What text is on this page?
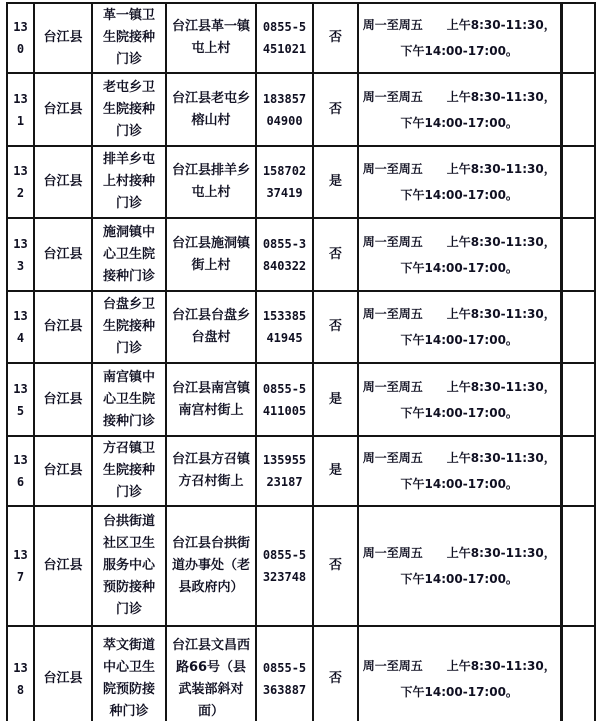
130	台江县	革一镇卫生院接种门诊	台江县革一镇屯上村	0855-5451021	否	周一至周五　　上午8:30-11:30，
下午14:00-17:00。	

131	台江县	老屯乡卫生院接种门诊	台江县老屯乡榕山村	18385704900	否	周一至周五　　上午8:30-11:30，
下午14:00-17:00。	

132	台江县	排羊乡屯上村接种门诊	台江县排羊乡屯上村	15870237419	是	周一至周五　　上午8:30-11:30，
下午14:00-17:00。	

133	台江县	施洞镇中心卫生院接种门诊	台江县施洞镇街上村	0855-3840322	否	周一至周五　　上午8:30-11:30，
下午14:00-17:00。	

134	台江县	台盘乡卫生院接种门诊	台江县台盘乡台盘村	15338541945	否	周一至周五　　上午8:30-11:30，
下午14:00-17:00。	

135	台江县	南宫镇中心卫生院接种门诊	台江县南宫镇南宫村街上	0855-5411005	是	周一至周五　　上午8:30-11:30，
下午14:00-17:00。	

136	台江县	方召镇卫生院接种门诊	台江县方召镇方召村街上	13595523187	是	周一至周五　　上午8:30-11:30，
下午14:00-17:00。	

137	台江县	台拱街道社区卫生服务中心预防接种门诊	台江县台拱街道办事处（老县政府内）	0855-5323748	否	周一至周五　　上午8:30-11:30，
下午14:00-17:00。	

138	台江县	萃文街道中心卫生院预防接种门诊	台江县文昌西路66号（县武装部斜对面）	0855-5363887	否	周一至周五　　上午8:30-11:30，
下午14:00-17:00。	
